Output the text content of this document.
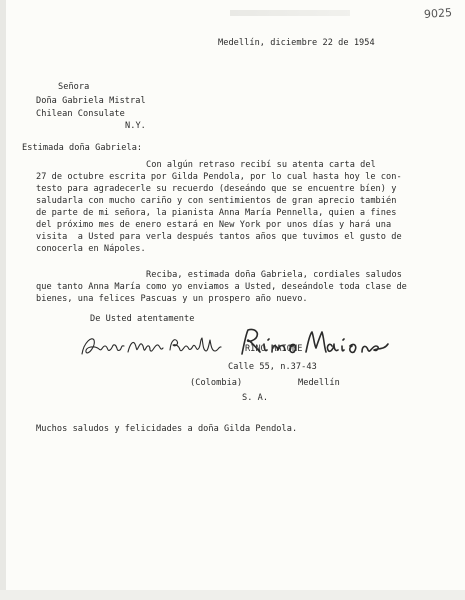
9025
Medellín, diciembre 22 de 1954
Señora
Doña Gabriela Mistral
Chilean Consulate
N.Y.
Estimada doña Gabriela:
Con algún retraso recibí su atenta carta del
27 de octubre escrita por Gilda Pendola, por lo cual hasta hoy le con-
testo para agradecerle su recuerdo (deseándo que se encuentre bíen) y
saludarla con mucho cariño y con sentimientos de gran aprecio también
de parte de mi señora, la pianista Anna María Pennella, quien a fines
del próximo mes de enero estará en New York por unos días y hará una
visita  a Usted para verla después tantos años que tuvimos el gusto de
conocerla en Nápoles.
Reciba, estimada doña Gabriela, cordiales saludos
que tanto Anna María como yo enviamos a Usted, deseándole toda clase de
bienes, una felices Pascuas y un prospero año nuevo.
De Usted atentamente
RINO MAIONE
Calle 55, n.37-43
(Colombia)	Medellín
S. A.
Muchos saludos y felicidades a doña Gilda Pendola.
